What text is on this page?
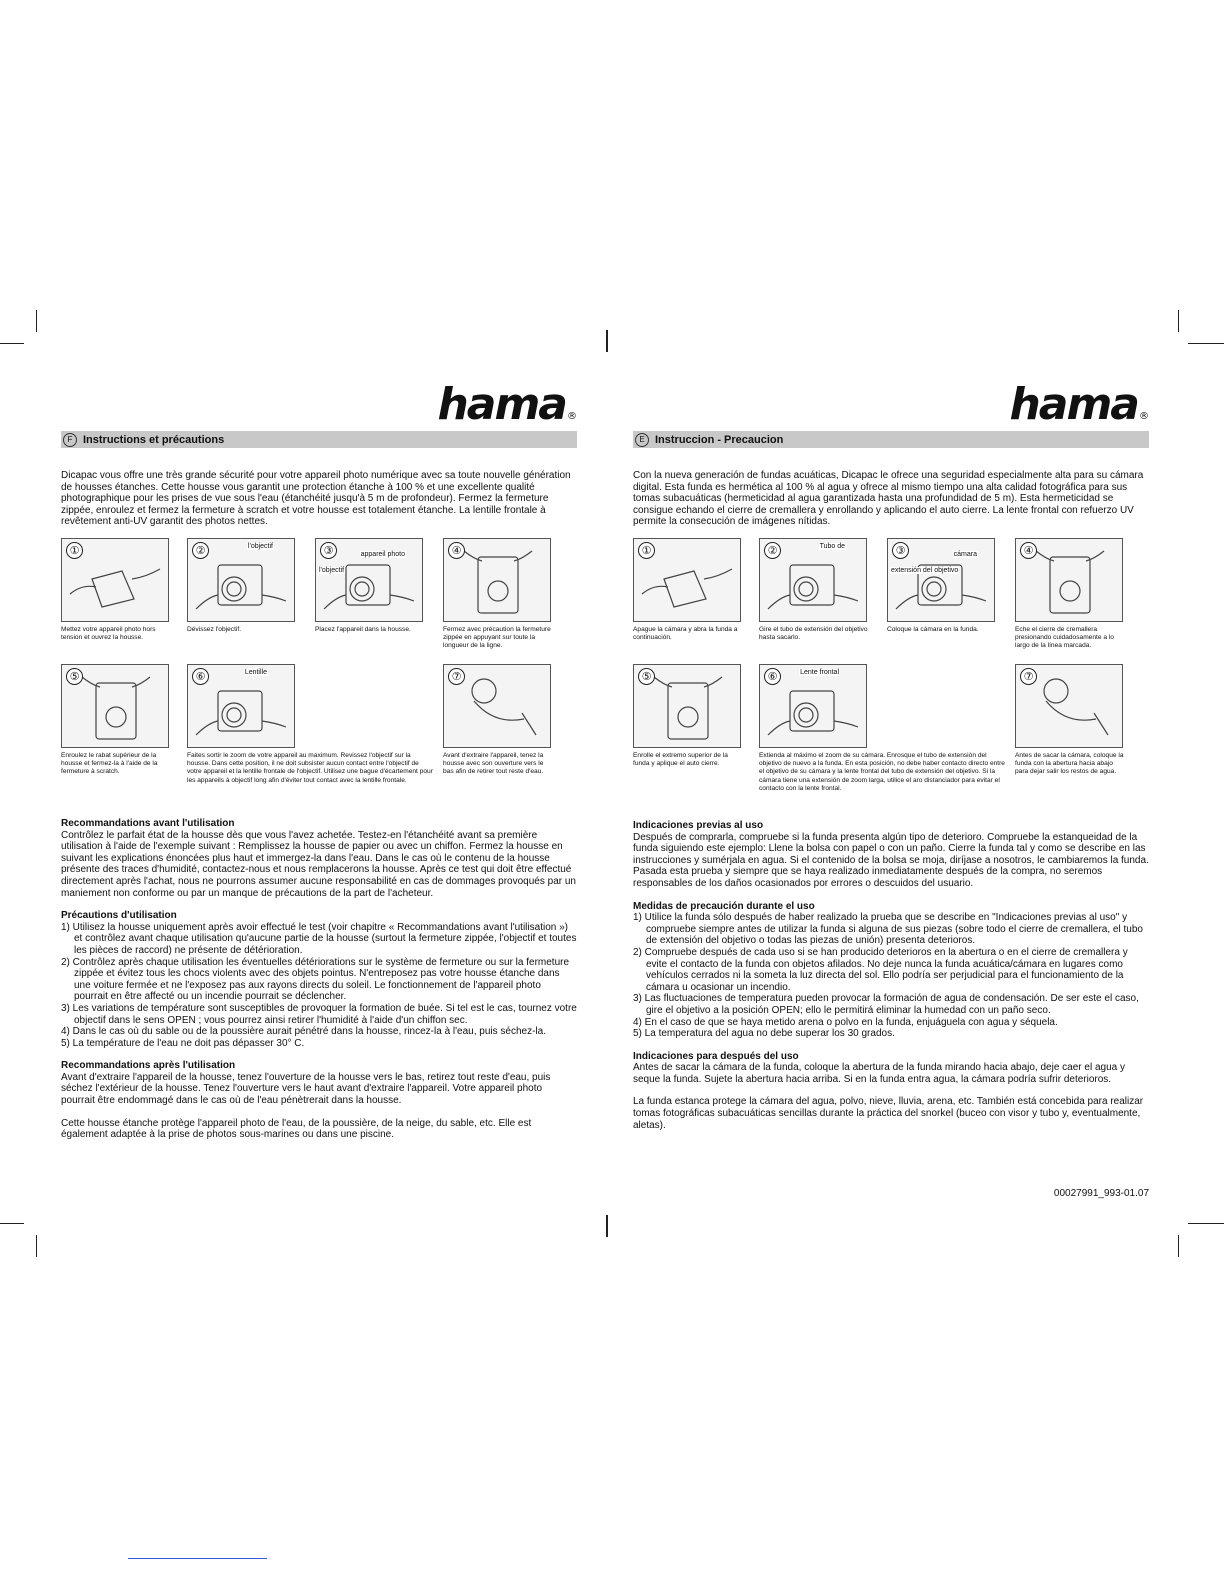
hama®
F Instructions et précautions
Dicapac vous offre une très grande sécurité pour votre appareil photo numérique avec sa toute nouvelle génération de housses étanches. Cette housse vous garantit une protection étanche à 100 % et une excellente qualité photographique pour les prises de vue sous l'eau (étanchéité jusqu'à 5 m de profondeur). Fermez la fermeture zippée, enroulez et fermez la fermeture à scratch et votre housse est totalement étanche. La lentille frontale à revêtement anti-UV garantit des photos nettes.
①
Mettez votre appareil photo hors tension et ouvrez la housse.
②	l'objectif
Dévissez l'objectif.
③	appareil photo
l'objectif
Placez l'appareil dans la housse.
④
Fermez avec précaution la fermeture zippée en appuyant sur toute la longueur de la ligne.
⑤
Enroulez le rabat supérieur de la housse et fermez-la à l'aide de la fermeture à scratch.
⑥	Lentille
Faites sortir le zoom de votre appareil au maximum. Revissez l'objectif sur la housse. Dans cette position, il ne doit subsister aucun contact entre l'objectif de votre appareil et la lentille frontale de l'objectif. Utilisez une bague d'écartement pour les appareils à objectif long afin d'éviter tout contact avec la lentille frontale.
⑦
Avant d'extraire l'appareil, tenez la housse avec son ouverture vers le bas afin de retirer tout reste d'eau.
Recommandations avant l'utilisation

Contrôlez le parfait état de la housse dès que vous l'avez achetée. Testez-en l'étanchéité avant sa première utilisation à l'aide de l'exemple suivant : Remplissez la housse de papier ou avec un chiffon. Fermez la housse en suivant les explications énoncées plus haut et immergez-la dans l'eau. Dans le cas où le contenu de la housse présente des traces d'humidité, contactez-nous et nous remplacerons la housse. Après ce test qui doit être effectué directement après l'achat, nous ne pourrons assumer aucune responsabilité en cas de dommages provoqués par un maniement non conforme ou par un manque de précautions de la part de l'acheteur.

Précautions d'utilisation
1) Utilisez la housse uniquement après avoir effectué le test (voir chapitre « Recommandations avant l'utilisation ») et contrôlez avant chaque utilisation qu'aucune partie de la housse (surtout la fermeture zippée, l'objectif et toutes les pièces de raccord) ne présente de détérioration.
2) Contrôlez après chaque utilisation les éventuelles détériorations sur le système de fermeture ou sur la fermeture zippée et évitez tous les chocs violents avec des objets pointus. N'entreposez pas votre housse étanche dans une voiture fermée et ne l'exposez pas aux rayons directs du soleil. Le fonctionnement de l'appareil photo pourrait en être affecté ou un incendie pourrait se déclencher.
3) Les variations de température sont susceptibles de provoquer la formation de buée. Si tel est le cas, tournez votre objectif dans le sens OPEN ; vous pourrez ainsi retirer l'humidité à l'aide d'un chiffon sec.
4) Dans le cas où du sable ou de la poussière aurait pénétré dans la housse, rincez-la à l'eau, puis séchez-la.
5) La température de l'eau ne doit pas dépasser 30° C.
Recommandations après l'utilisation

Avant d'extraire l'appareil de la housse, tenez l'ouverture de la housse vers le bas, retirez tout reste d'eau, puis séchez l'extérieur de la housse. Tenez l'ouverture vers le haut avant d'extraire l'appareil. Votre appareil photo pourrait être endommagé dans le cas où de l'eau pénètrerait dans la housse.

Cette housse étanche protège l'appareil photo de l'eau, de la poussière, de la neige, du sable, etc. Elle est également adaptée à la prise de photos sous-marines ou dans une piscine.

hama®
E Instruccion - Precaucion
Con la nueva generación de fundas acuáticas, Dicapac le ofrece una seguridad especialmente alta para su cámara digital. Esta funda es hermética al 100 % al agua y ofrece al mismo tiempo una alta calidad fotográfica para sus tomas subacuáticas (hermeticidad al agua garantizada hasta una profundidad de 5 m). Esta hermeticidad se consigue echando el cierre de cremallera y enrollando y aplicando el auto cierre. La lente frontal con refuerzo UV permite la consecución de imágenes nítidas.
①
Apague la cámara y abra la funda a continuación.
②	Tubo de
Gire el tubo de extensión del objetivo hasta sacarlo.
③	cámara
extensión del objetivo
Coloque la cámara en la funda.
④
Eche el cierre de cremallera presionando cuidadosamente a lo largo de la línea marcada.
⑤
Enrolle el extremo superior de la funda y aplique el auto cierre.
⑥	Lente frontal
Extienda al máximo el zoom de su cámara. Enrosque el tubo de extensión del objetivo de nuevo a la funda. En esta posición, no debe haber contacto directo entre el objetivo de su cámara y la lente frontal del tubo de extensión del objetivo. Si la cámara tiene una extensión de zoom larga, utilice el aro distanciador para evitar el contacto con la lente frontal.
⑦
Antes de sacar la cámara, coloque la funda con la abertura hacia abajo para dejar salir los restos de agua.
Indicaciones previas al uso

Después de comprarla, compruebe si la funda presenta algún tipo de deterioro. Compruebe la estanqueidad de la funda siguiendo este ejemplo: Llene la bolsa con papel o con un paño. Cierre la funda tal y como se describe en las instrucciones y sumérjala en agua. Si el contenido de la bolsa se moja, diríjase a nosotros, le cambiaremos la funda. Pasada esta prueba y siempre que se haya realizado inmediatamente después de la compra, no seremos responsables de los daños ocasionados por errores o descuidos del usuario.

Medidas de precaución durante el uso
1) Utilice la funda sólo después de haber realizado la prueba que se describe en "Indicaciones previas al uso" y compruebe siempre antes de utilizar la funda si alguna de sus piezas (sobre todo el cierre de cremallera, el tubo de extensión del objetivo o todas las piezas de unión) presenta deterioros.
2) Compruebe después de cada uso si se han producido deterioros en la abertura o en el cierre de cremallera y evite el contacto de la funda con objetos afilados. No deje nunca la funda acuática/cámara en lugares como vehículos cerrados ni la someta la luz directa del sol. Ello podría ser perjudicial para el funcionamiento de la cámara u ocasionar un incendio.
3) Las fluctuaciones de temperatura pueden provocar la formación de agua de condensación. De ser este el caso, gire el objetivo a la posición OPEN; ello le permitirá eliminar la humedad con un paño seco.
4) En el caso de que se haya metido arena o polvo en la funda, enjuáguela con agua y séquela.
5) La temperatura del agua no debe superar los 30 grados.
Indicaciones para después del uso

Antes de sacar la cámara de la funda, coloque la abertura de la funda mirando hacia abajo, deje caer el agua y seque la funda. Sujete la abertura hacia arriba. Si en la funda entra agua, la cámara podría sufrir deterioros.

La funda estanca protege la cámara del agua, polvo, nieve, lluvia, arena, etc. También está concebida para realizar tomas fotográficas subacuáticas sencillas durante la práctica del snorkel (buceo con visor y tubo y, eventualmente, aletas).

00027991_993-01.07
